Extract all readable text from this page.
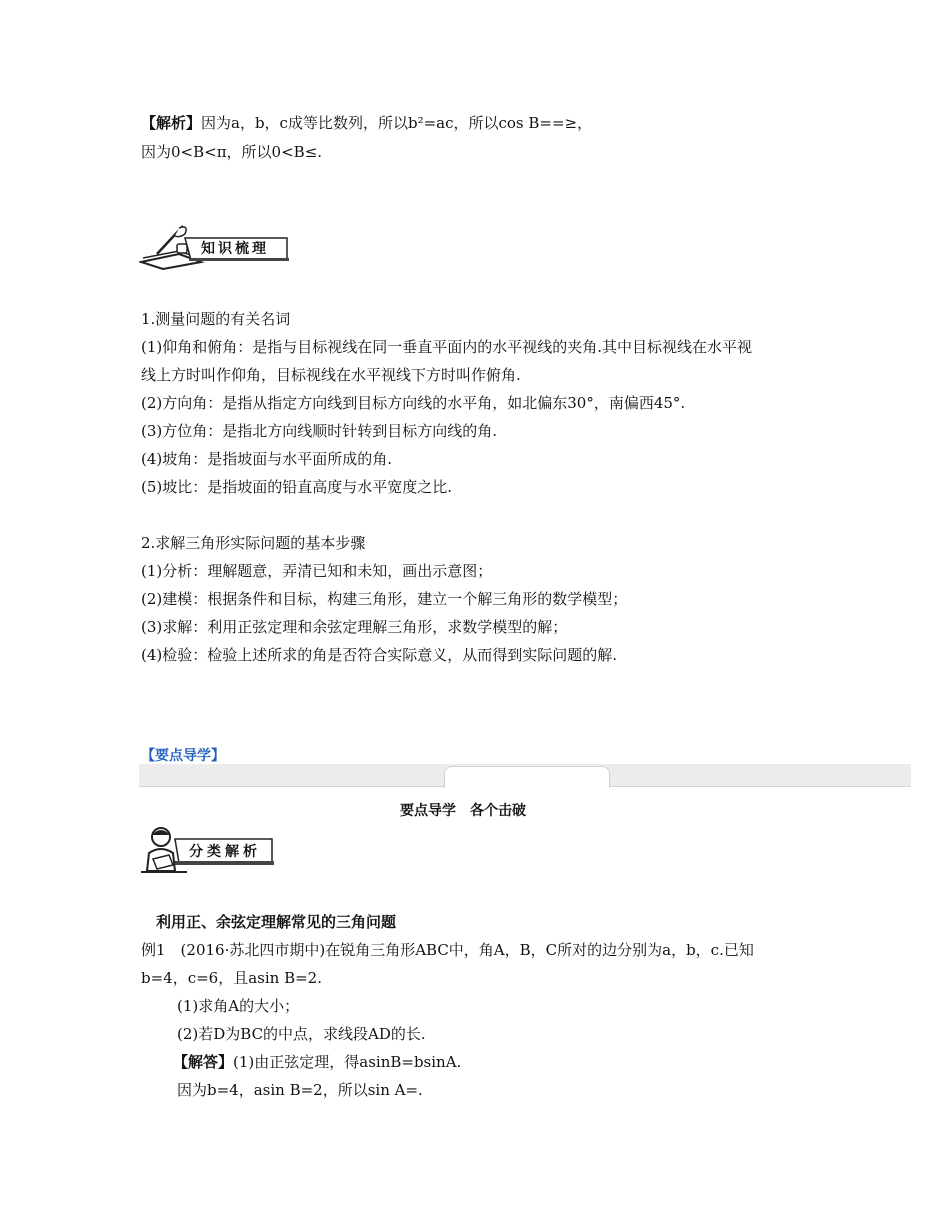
【解析】因为a，b，c成等比数列，所以b²=ac，所以cos B==≥，
因为0<B<π，所以0<B≤.
知识梳理
1.测量问题的有关名词
(1)仰角和俯角：是指与目标视线在同一垂直平面内的水平视线的夹角.其中目标视线在水平视
线上方时叫作仰角，目标视线在水平视线下方时叫作俯角.
(2)方向角：是指从指定方向线到目标方向线的水平角，如北偏东30°，南偏西45°.
(3)方位角：是指北方向线顺时针转到目标方向线的角.
(4)坡角：是指坡面与水平面所成的角.
(5)坡比：是指坡面的铅直高度与水平宽度之比.
2.求解三角形实际问题的基本步骤
(1)分析：理解题意，弄清已知和未知，画出示意图；
(2)建模：根据条件和目标，构建三角形，建立一个解三角形的数学模型；
(3)求解：利用正弦定理和余弦定理解三角形，求数学模型的解；
(4)检验：检验上述所求的角是否符合实际意义，从而得到实际问题的解.
【要点导学】
要点导学　各个击破
分类解析
利用正、余弦定理解常见的三角问题
例1　(2016·苏北四市期中)在锐角三角形ABC中，角A，B，C所对的边分别为a，b，c.已知
b=4，c=6，且asin B=2.
(1)求角A的大小；
(2)若D为BC的中点，求线段AD的长.
【解答】(1)由正弦定理，得asinB=bsinA.
因为b=4，asin B=2，所以sin A=.
